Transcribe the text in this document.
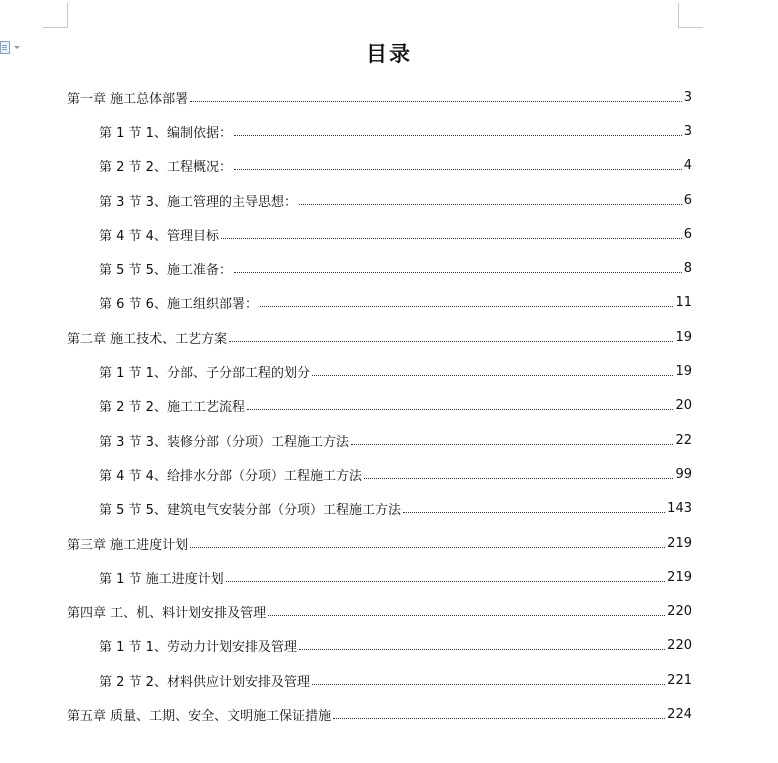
目录
第一章 施工总体部署	3
第 1 节 1、编制依据：	3
第 2 节 2、工程概况：	4
第 3 节 3、施工管理的主导思想：	6
第 4 节 4、管理目标	6
第 5 节 5、施工准备：	8
第 6 节 6、施工组织部署：	11
第二章 施工技术、工艺方案	19
第 1 节 1、分部、子分部工程的划分	19
第 2 节 2、施工工艺流程	20
第 3 节 3、装修分部（分项）工程施工方法	22
第 4 节 4、给排水分部（分项）工程施工方法	99
第 5 节 5、建筑电气安装分部（分项）工程施工方法	143
第三章 施工进度计划	219
第 1 节 施工进度计划	219
第四章 工、机、料计划安排及管理	220
第 1 节 1、劳动力计划安排及管理	220
第 2 节 2、材料供应计划安排及管理	221
第五章 质量、工期、安全、文明施工保证措施	224
